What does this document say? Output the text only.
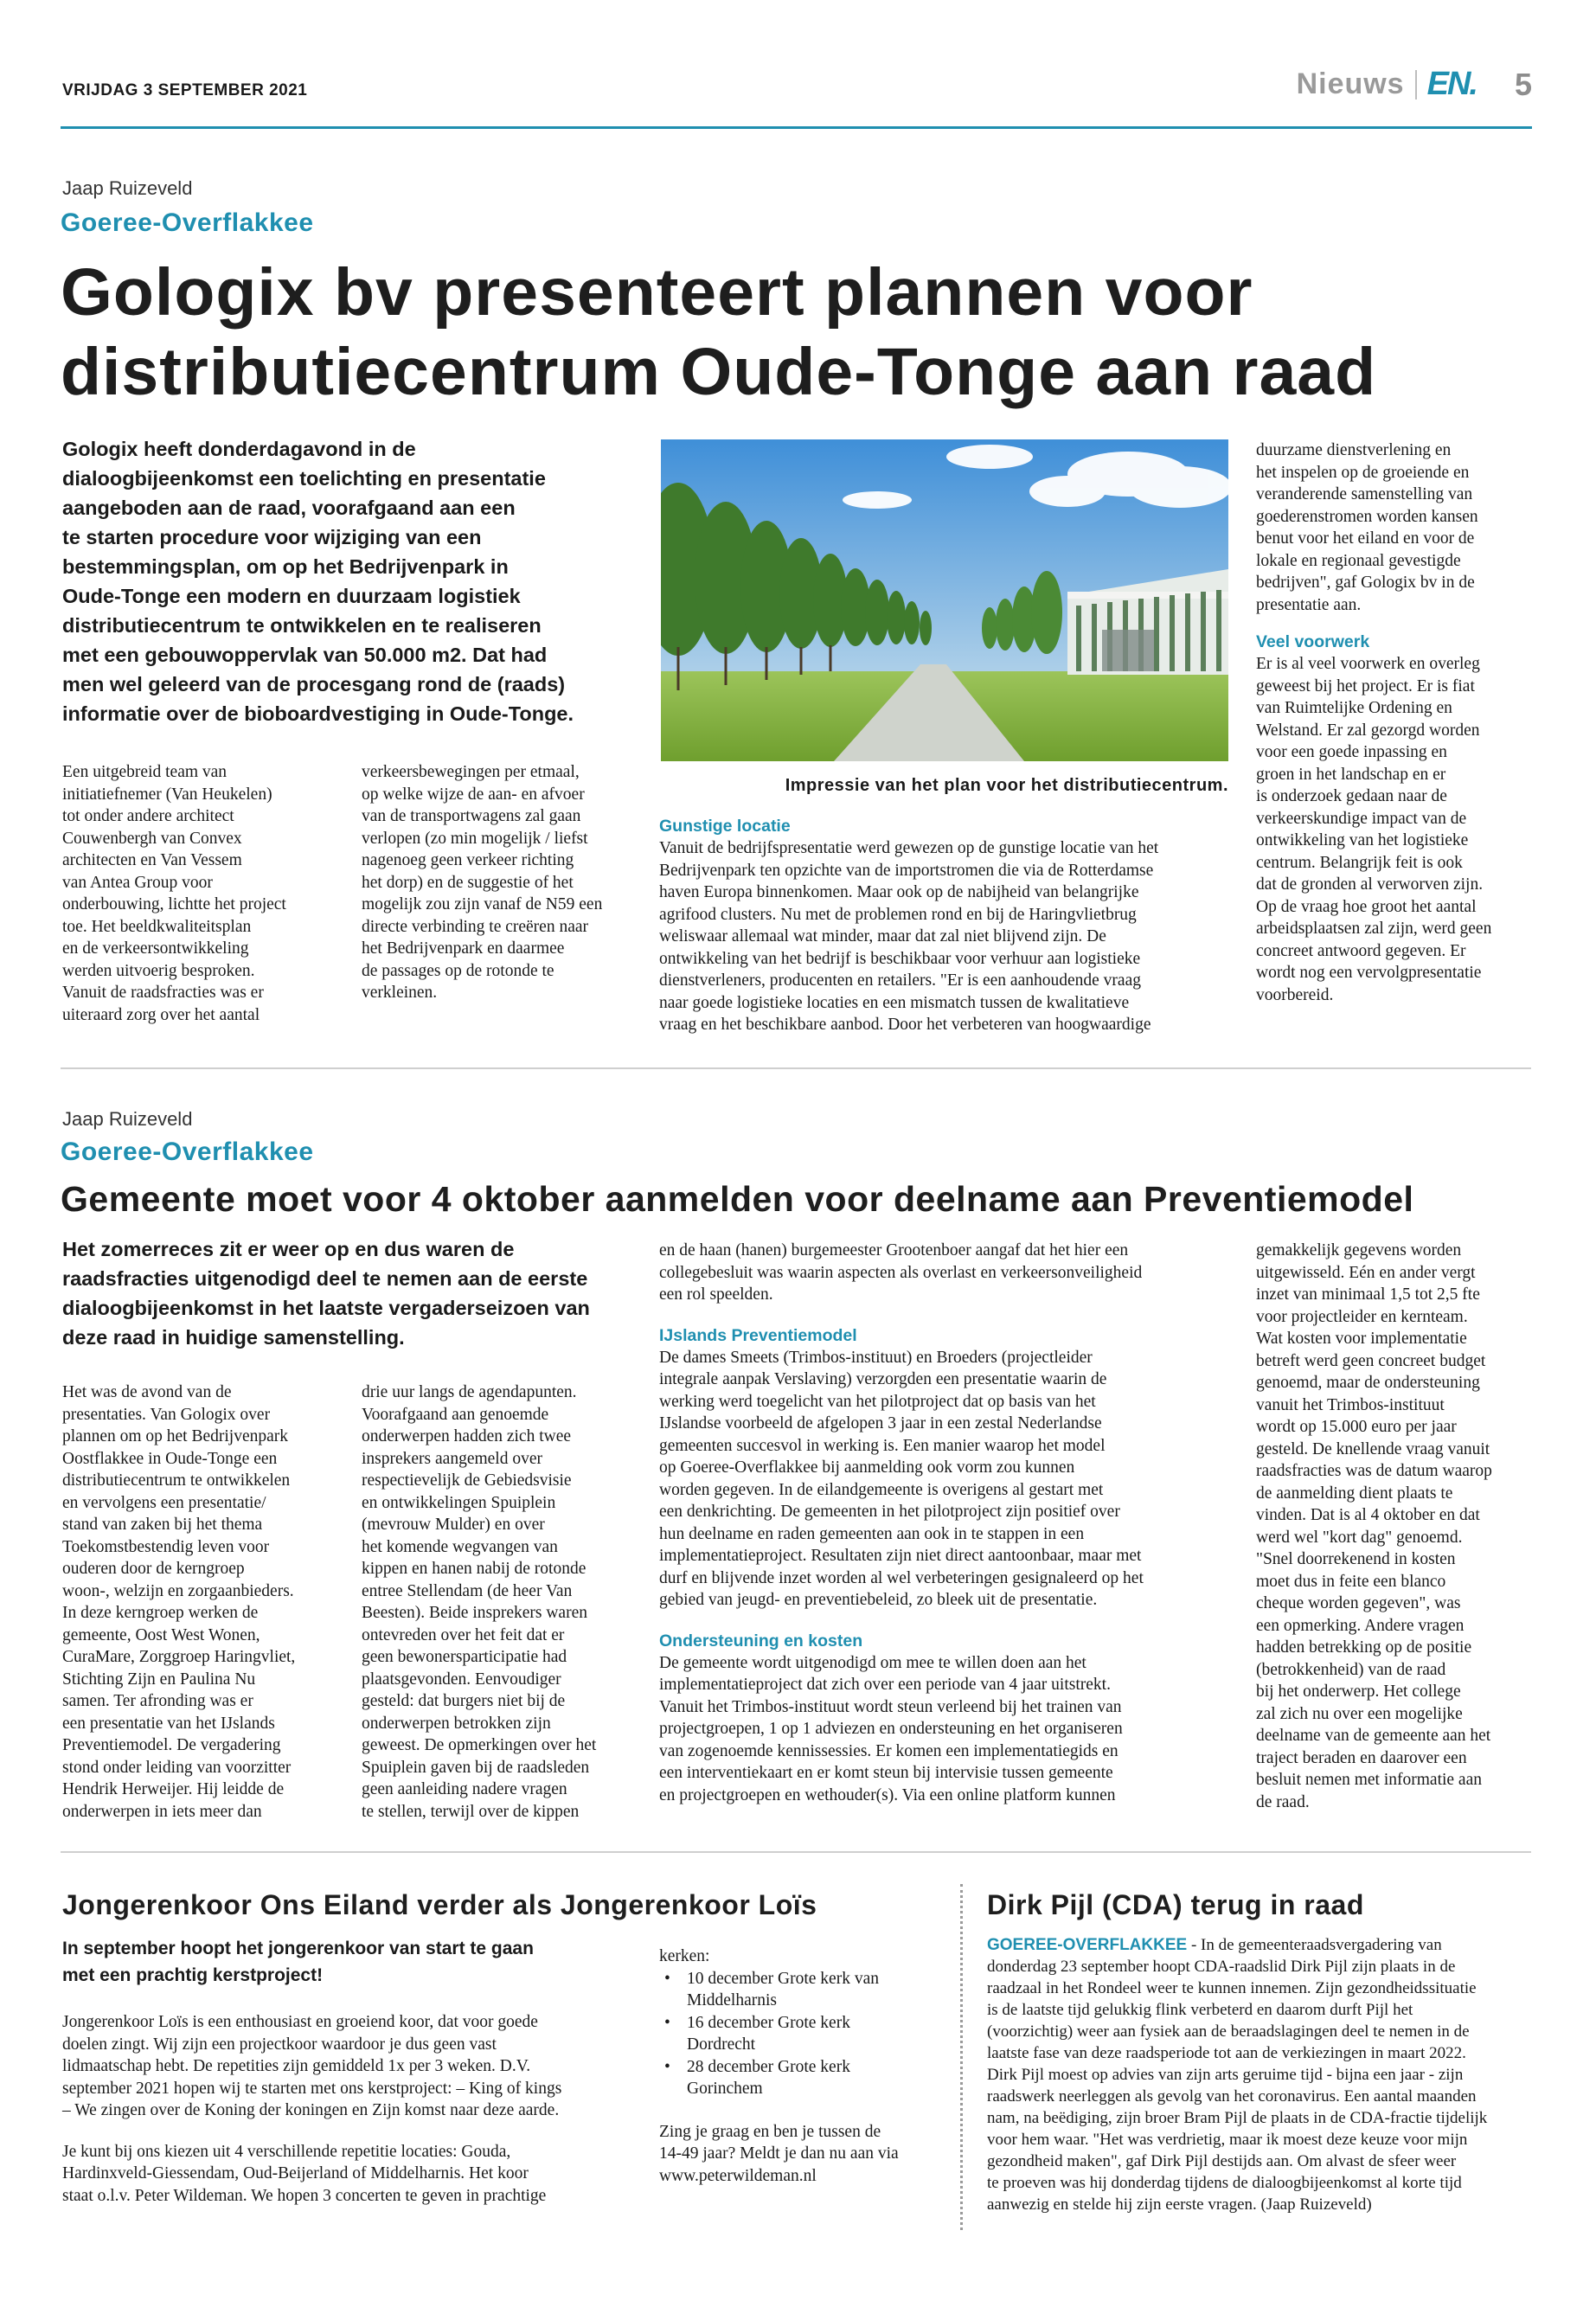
VRIJDAG 3 SEPTEMBER 2021	Nieuws EN. 5
Jaap Ruizeveld
Goeree-Overflakkee
Gologix bv presenteert plannen voor
distributiecentrum Oude-Tonge aan raad
Gologix heeft donderdagavond in de
dialoogbijeenkomst een toelichting en presentatie
aangeboden aan de raad, voorafgaand aan een
te starten procedure voor wijziging van een
bestemmingsplan, om op het Bedrijvenpark in
Oude-Tonge een modern en duurzaam logistiek
distributiecentrum te ontwikkelen en te realiseren
met een gebouwoppervlak van 50.000 m2. Dat had
men wel geleerd van de procesgang rond de (raads)
informatie over de bioboardvestiging in Oude-Tonge.
Een uitgebreid team van
initiatiefnemer (Van Heukelen)
tot onder andere architect
Couwenbergh van Convex
architecten en Van Vessem
van Antea Group voor
onderbouwing, lichtte het project
toe. Het beeldkwaliteitsplan
en de verkeersontwikkeling
werden uitvoerig besproken.
Vanuit de raadsfracties was er
uiteraard zorg over het aantal
verkeersbewegingen per etmaal,
op welke wijze de aan- en afvoer
van de transportwagens zal gaan
verlopen (zo min mogelijk / liefst
nagenoeg geen verkeer richting
het dorp) en de suggestie of het
mogelijk zou zijn vanaf de N59 een
directe verbinding te creëren naar
het Bedrijvenpark en daarmee
de passages op de rotonde te
verkleinen.
Impressie van het plan voor het distributiecentrum.
Gunstige locatie
Vanuit de bedrijfspresentatie werd gewezen op de gunstige locatie van het
Bedrijvenpark ten opzichte van de importstromen die via de Rotterdamse
haven Europa binnenkomen. Maar ook op de nabijheid van belangrijke
agrifood clusters. Nu met de problemen rond en bij de Haringvlietbrug
weliswaar allemaal wat minder, maar dat zal niet blijvend zijn. De
ontwikkeling van het bedrijf is beschikbaar voor verhuur aan logistieke
dienstverleners, producenten en retailers. "Er is een aanhoudende vraag
naar goede logistieke locaties en een mismatch tussen de kwalitatieve
vraag en het beschikbare aanbod. Door het verbeteren van hoogwaardige
duurzame dienstverlening en
het inspelen op de groeiende en
veranderende samenstelling van
goederenstromen worden kansen
benut voor het eiland en voor de
lokale en regionaal gevestigde
bedrijven", gaf Gologix bv in de
presentatie aan.
Veel voorwerk
Er is al veel voorwerk en overleg
geweest bij het project. Er is fiat
van Ruimtelijke Ordening en
Welstand. Er zal gezorgd worden
voor een goede inpassing en
groen in het landschap en er
is onderzoek gedaan naar de
verkeerskundige impact van de
ontwikkeling van het logistieke
centrum. Belangrijk feit is ook
dat de gronden al verworven zijn.
Op de vraag hoe groot het aantal
arbeidsplaatsen zal zijn, werd geen
concreet antwoord gegeven. Er
wordt nog een vervolgpresentatie
voorbereid.
Jaap Ruizeveld
Goeree-Overflakkee
Gemeente moet voor 4 oktober aanmelden voor deelname aan Preventiemodel
Het zomerreces zit er weer op en dus waren de
raadsfracties uitgenodigd deel te nemen aan de eerste
dialoogbijeenkomst in het laatste vergaderseizoen van
deze raad in huidige samenstelling.
Het was de avond van de
presentaties. Van Gologix over
plannen om op het Bedrijvenpark
Oostflakkee in Oude-Tonge een
distributiecentrum te ontwikkelen
en vervolgens een presentatie/
stand van zaken bij het thema
Toekomstbestendig leven voor
ouderen door de kerngroep
woon-, welzijn en zorgaanbieders.
In deze kerngroep werken de
gemeente, Oost West Wonen,
CuraMare, Zorggroep Haringvliet,
Stichting Zijn en Paulina Nu
samen. Ter afronding was er
een presentatie van het IJslands
Preventiemodel. De vergadering
stond onder leiding van voorzitter
Hendrik Herweijer. Hij leidde de
onderwerpen in iets meer dan
drie uur langs de agendapunten.
Voorafgaand aan genoemde
onderwerpen hadden zich twee
insprekers aangemeld over
respectievelijk de Gebiedsvisie
en ontwikkelingen Spuiplein
(mevrouw Mulder) en over
het komende wegvangen van
kippen en hanen nabij de rotonde
entree Stellendam (de heer Van
Beesten). Beide insprekers waren
ontevreden over het feit dat er
geen bewonersparticipatie had
plaatsgevonden. Eenvoudiger
gesteld: dat burgers niet bij de
onderwerpen betrokken zijn
geweest. De opmerkingen over het
Spuiplein gaven bij de raadsleden
geen aanleiding nadere vragen
te stellen, terwijl over de kippen
en de haan (hanen) burgemeester Grootenboer aangaf dat het hier een
collegebesluit was waarin aspecten als overlast en verkeersonveiligheid
een rol speelden.
IJslands Preventiemodel
De dames Smeets (Trimbos-instituut) en Broeders (projectleider
integrale aanpak Verslaving) verzorgden een presentatie waarin de
werking werd toegelicht van het pilotproject dat op basis van het
IJslandse voorbeeld de afgelopen 3 jaar in een zestal Nederlandse
gemeenten succesvol in werking is. Een manier waarop het model
op Goeree-Overflakkee bij aanmelding ook vorm zou kunnen
worden gegeven. In de eilandgemeente is overigens al gestart met
een denkrichting. De gemeenten in het pilotproject zijn positief over
hun deelname en raden gemeenten aan ook in te stappen in een
implementatieproject. Resultaten zijn niet direct aantoonbaar, maar met
durf en blijvende inzet worden al wel verbeteringen gesignaleerd op het
gebied van jeugd- en preventiebeleid, zo bleek uit de presentatie.
Ondersteuning en kosten
De gemeente wordt uitgenodigd om mee te willen doen aan het
implementatieproject dat zich over een periode van 4 jaar uitstrekt.
Vanuit het Trimbos-instituut wordt steun verleend bij het trainen van
projectgroepen, 1 op 1 adviezen en ondersteuning en het organiseren
van zogenoemde kennissessies. Er komen een implementatiegids en
een interventiekaart en er komt steun bij intervisie tussen gemeente
en projectgroepen en wethouder(s). Via een online platform kunnen
gemakkelijk gegevens worden
uitgewisseld. Eén en ander vergt
inzet van minimaal 1,5 tot 2,5 fte
voor projectleider en kernteam.
Wat kosten voor implementatie
betreft werd geen concreet budget
genoemd, maar de ondersteuning
vanuit het Trimbos-instituut
wordt op 15.000 euro per jaar
gesteld. De knellende vraag vanuit
raadsfracties was de datum waarop
de aanmelding dient plaats te
vinden. Dat is al 4 oktober en dat
werd wel "kort dag" genoemd.
"Snel doorrekenend in kosten
moet dus in feite een blanco
cheque worden gegeven", was
een opmerking. Andere vragen
hadden betrekking op de positie
(betrokkenheid) van de raad
bij het onderwerp. Het college
zal zich nu over een mogelijke
deelname van de gemeente aan het
traject beraden en daarover een
besluit nemen met informatie aan
de raad.
Jongerenkoor Ons Eiland verder als Jongerenkoor Loïs
In september hoopt het jongerenkoor van start te gaan
met een prachtig kerstproject!
Jongerenkoor Loïs is een enthousiast en groeiend koor, dat voor goede
doelen zingt. Wij zijn een projectkoor waardoor je dus geen vast
lidmaatschap hebt. De repetities zijn gemiddeld 1x per 3 weken. D.V.
september 2021 hopen wij te starten met ons kerstproject: – King of kings
– We zingen over de Koning der koningen en Zijn komst naar deze aarde.
Je kunt bij ons kiezen uit 4 verschillende repetitie locaties: Gouda,
Hardinxveld-Giessendam, Oud-Beijerland of Middelharnis. Het koor
staat o.l.v. Peter Wildeman. We hopen 3 concerten te geven in prachtige
kerken:
• 10 december Grote kerk van
Middelharnis
• 16 december Grote kerk
Dordrecht
• 28 december Grote kerk
Gorinchem
Zing je graag en ben je tussen de
14-49 jaar? Meldt je dan nu aan via
www.peterwildeman.nl
Dirk Pijl (CDA) terug in raad
GOEREE-OVERFLAKKEE - In de gemeenteraadsvergadering van
donderdag 23 september hoopt CDA-raadslid Dirk Pijl zijn plaats in de
raadzaal in het Rondeel weer te kunnen innemen. Zijn gezondheidssituatie
is de laatste tijd gelukkig flink verbeterd en daarom durft Pijl het
(voorzichtig) weer aan fysiek aan de beraadslagingen deel te nemen in de
laatste fase van deze raadsperiode tot aan de verkiezingen in maart 2022.
Dirk Pijl moest op advies van zijn arts geruime tijd - bijna een jaar - zijn
raadswerk neerleggen als gevolg van het coronavirus. Een aantal maanden
nam, na beëdiging, zijn broer Bram Pijl de plaats in de CDA-fractie tijdelijk
voor hem waar. "Het was verdrietig, maar ik moest deze keuze voor mijn
gezondheid maken", gaf Dirk Pijl destijds aan. Om alvast de sfeer weer
te proeven was hij donderdag tijdens de dialoogbijeenkomst al korte tijd
aanwezig en stelde hij zijn eerste vragen. (Jaap Ruizeveld)
